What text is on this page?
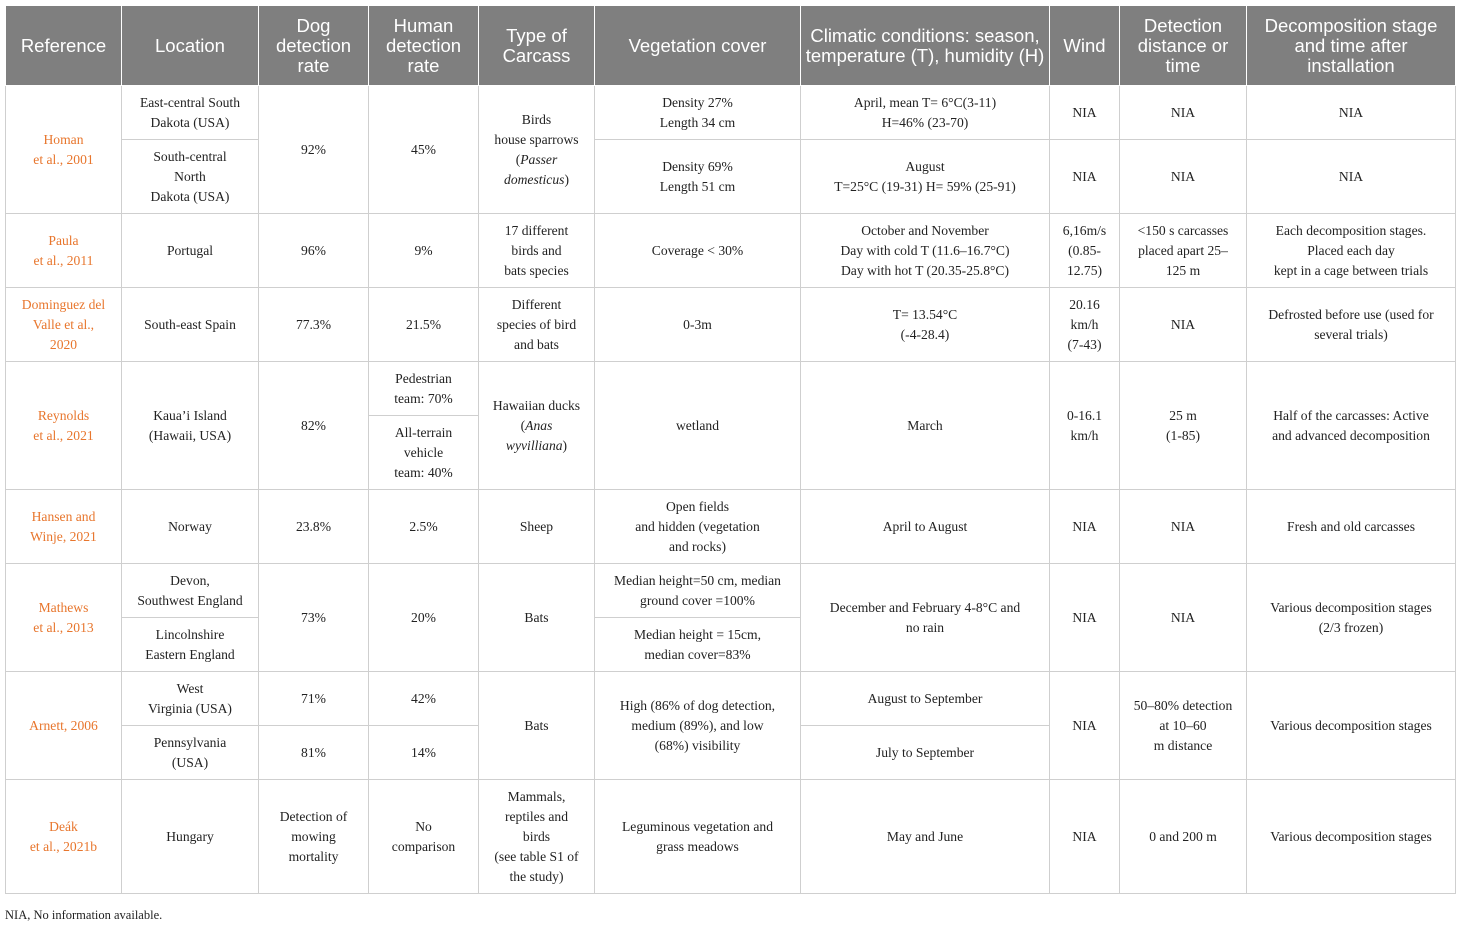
Reference	Location	Dog detection rate	Human detection rate	Type of Carcass	Vegetation cover	Climatic conditions: season, temperature (T), humidity (H)	Wind	Detection distance or time	Decomposition stage and time after installation

Homan
et al., 2001	East-central South
Dakota (USA)	92%	45%	Birds
house sparrows
(Passer
domesticus)	Density 27%
Length 34 cm	April, mean T= 6°C(3-11)
H=46% (23-70)	NIA	NIA	NIA

	South-central
North
Dakota (USA)				Density 69%
Length 51 cm	August
T=25°C (19-31) H= 59% (25-91)	NIA	NIA	NIA

Paula
et al., 2011	Portugal	96%	9%	17 different
birds and
bats species	Coverage < 30%	October and November
Day with cold T (11.6–16.7°C)
Day with hot T (20.35-25.8°C)	6,16m/s
(0.85-
12.75)	<150 s carcasses
placed apart 25–
125 m	Each decomposition stages.
Placed each day
kept in a cage between trials

Dominguez del
Valle et al.,
2020	South-east Spain	77.3%	21.5%	Different
species of bird
and bats	0-3m	T= 13.54°C
(-4-28.4)	20.16
km/h
(7-43)	NIA	Defrosted before use (used for
several trials)

Reynolds
et al., 2021	Kaua’i Island
(Hawaii, USA)	82%	Pedestrian
team: 70%	Hawaiian ducks
(Anas
wyvilliana)	wetland	March	0-16.1
km/h	25 m
(1-85)	Half of the carcasses: Active
and advanced decomposition

			All-terrain
vehicle
team: 40%						

Hansen and
Winje, 2021	Norway	23.8%	2.5%	Sheep	Open fields
and hidden (vegetation
and rocks)	April to August	NIA	NIA	Fresh and old carcasses

Mathews
et al., 2013	Devon,
Southwest England	73%	20%	Bats	Median height=50 cm, median
ground cover =100%	December and February 4-8°C and
no rain	NIA	NIA	Various decomposition stages
(2/3 frozen)

	Lincolnshire
Eastern England				Median height = 15cm,
median cover=83%				

Arnett, 2006	West
Virginia (USA)	71%	42%	Bats	High (86% of dog detection,
medium (89%), and low
(68%) visibility	August to September	NIA	50–80% detection
at 10–60
m distance	Various decomposition stages

	Pennsylvania
(USA)	81%	14%			July to September			

Deák
et al., 2021b	Hungary	Detection of
mowing
mortality	No
comparison	Mammals,
reptiles and
birds
(see table S1 of
the study)	Leguminous vegetation and
grass meadows	May and June	NIA	0 and 200 m	Various decomposition stages
NIA, No information available.
